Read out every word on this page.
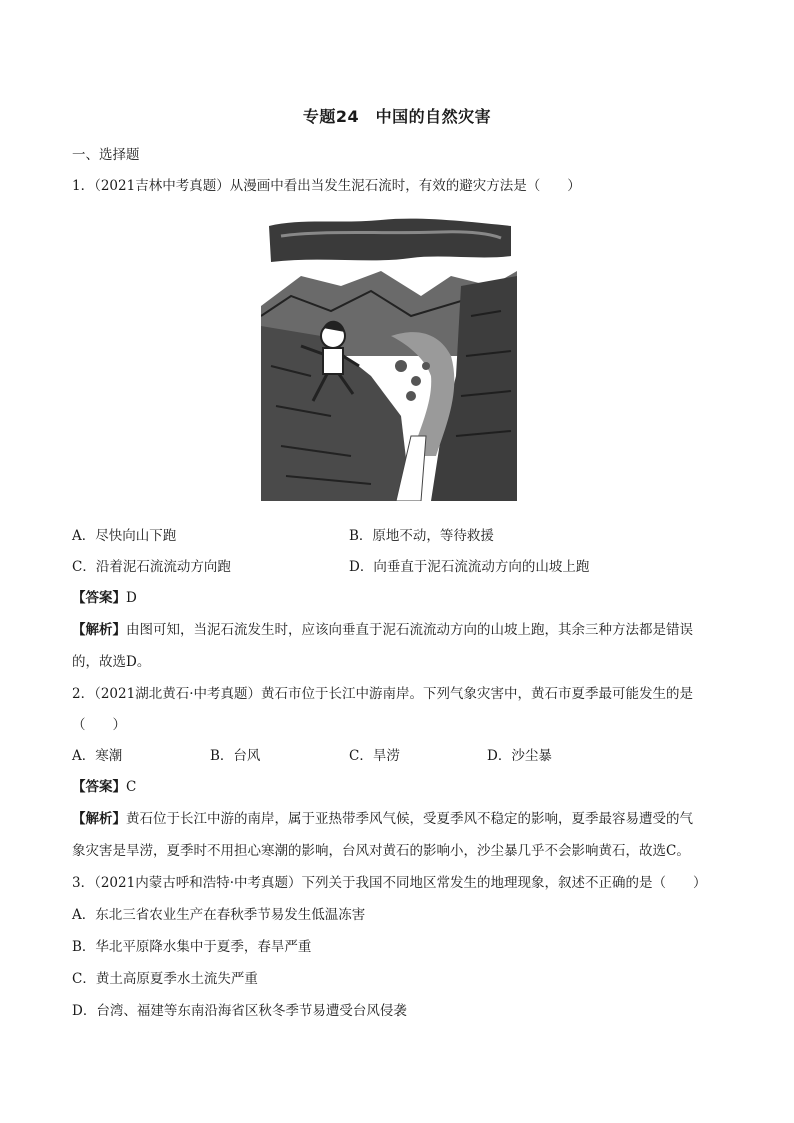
专题24　中国的自然灾害
一、选择题
1．（2021吉林中考真题）从漫画中看出当发生泥石流时，有效的避灾方法是（　　）
A．尽快向山下跑	B．原地不动，等待救援
C．沿着泥石流流动方向跑	D．向垂直于泥石流流动方向的山坡上跑
【答案】D
【解析】由图可知，当泥石流发生时，应该向垂直于泥石流流动方向的山坡上跑，其余三种方法都是错误
的，故选D。
2．（2021湖北黄石·中考真题）黄石市位于长江中游南岸。下列气象灾害中，黄石市夏季最可能发生的是
（　　）
A．寒潮	B．台风	C．旱涝	D．沙尘暴
【答案】C
【解析】黄石位于长江中游的南岸，属于亚热带季风气候，受夏季风不稳定的影响，夏季最容易遭受的气
象灾害是旱涝，夏季时不用担心寒潮的影响，台风对黄石的影响小，沙尘暴几乎不会影响黄石，故选C。
3．（2021内蒙古呼和浩特·中考真题）下列关于我国不同地区常发生的地理现象，叙述不正确的是（　　）
A．东北三省农业生产在春秋季节易发生低温冻害
B．华北平原降水集中于夏季，春旱严重
C．黄土高原夏季水土流失严重
D．台湾、福建等东南沿海省区秋冬季节易遭受台风侵袭
